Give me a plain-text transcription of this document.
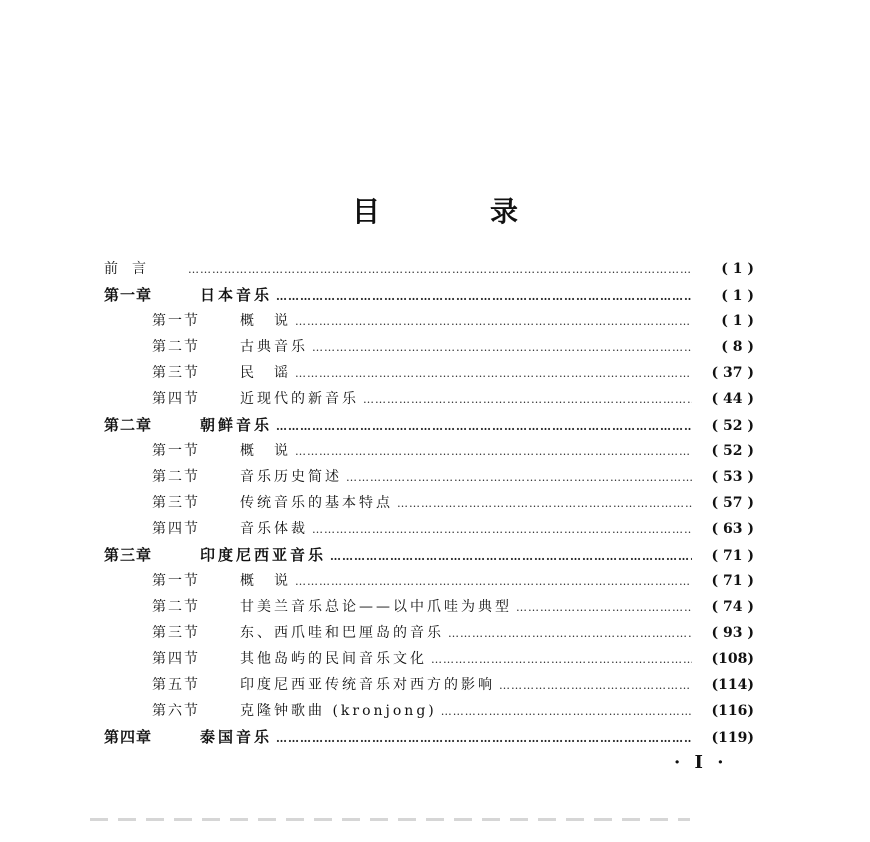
目	录
前言 ……………………………………………………………………………………………………………………………………………	( 1 )
第一章	日本音乐 ……………………………………………………………………………………………………………………………………………	( 1 )
第一节	概　说 ……………………………………………………………………………………………………………………………………………	( 1 )
第二节	古典音乐 ……………………………………………………………………………………………………………………………………………	( 8 )
第三节	民　谣 ……………………………………………………………………………………………………………………………………………	( 37 )
第四节	近现代的新音乐 ……………………………………………………………………………………………………………………………………………	( 44 )
第二章	朝鲜音乐 ……………………………………………………………………………………………………………………………………………	( 52 )
第一节	概　说 ……………………………………………………………………………………………………………………………………………	( 52 )
第二节	音乐历史简述 ……………………………………………………………………………………………………………………………………………	( 53 )
第三节	传统音乐的基本特点 ……………………………………………………………………………………………………………………………………………	( 57 )
第四节	音乐体裁 ……………………………………………………………………………………………………………………………………………	( 63 )
第三章	印度尼西亚音乐 ……………………………………………………………………………………………………………………………………………	( 71 )
第一节	概　说 ……………………………………………………………………………………………………………………………………………	( 71 )
第二节	甘美兰音乐总论——以中爪哇为典型 ……………………………………………………………………………………………………………………………………………	( 74 )
第三节	东、西爪哇和巴厘岛的音乐 ……………………………………………………………………………………………………………………………………………	( 93 )
第四节	其他岛屿的民间音乐文化 ……………………………………………………………………………………………………………………………………………	(108)
第五节	印度尼西亚传统音乐对西方的影响 ……………………………………………………………………………………………………………………………………………	(114)
第六节	克隆钟歌曲 (kronjong) ……………………………………………………………………………………………………………………………………………	(116)
第四章	泰国音乐 ……………………………………………………………………………………………………………………………………………	(119)
· I ·
